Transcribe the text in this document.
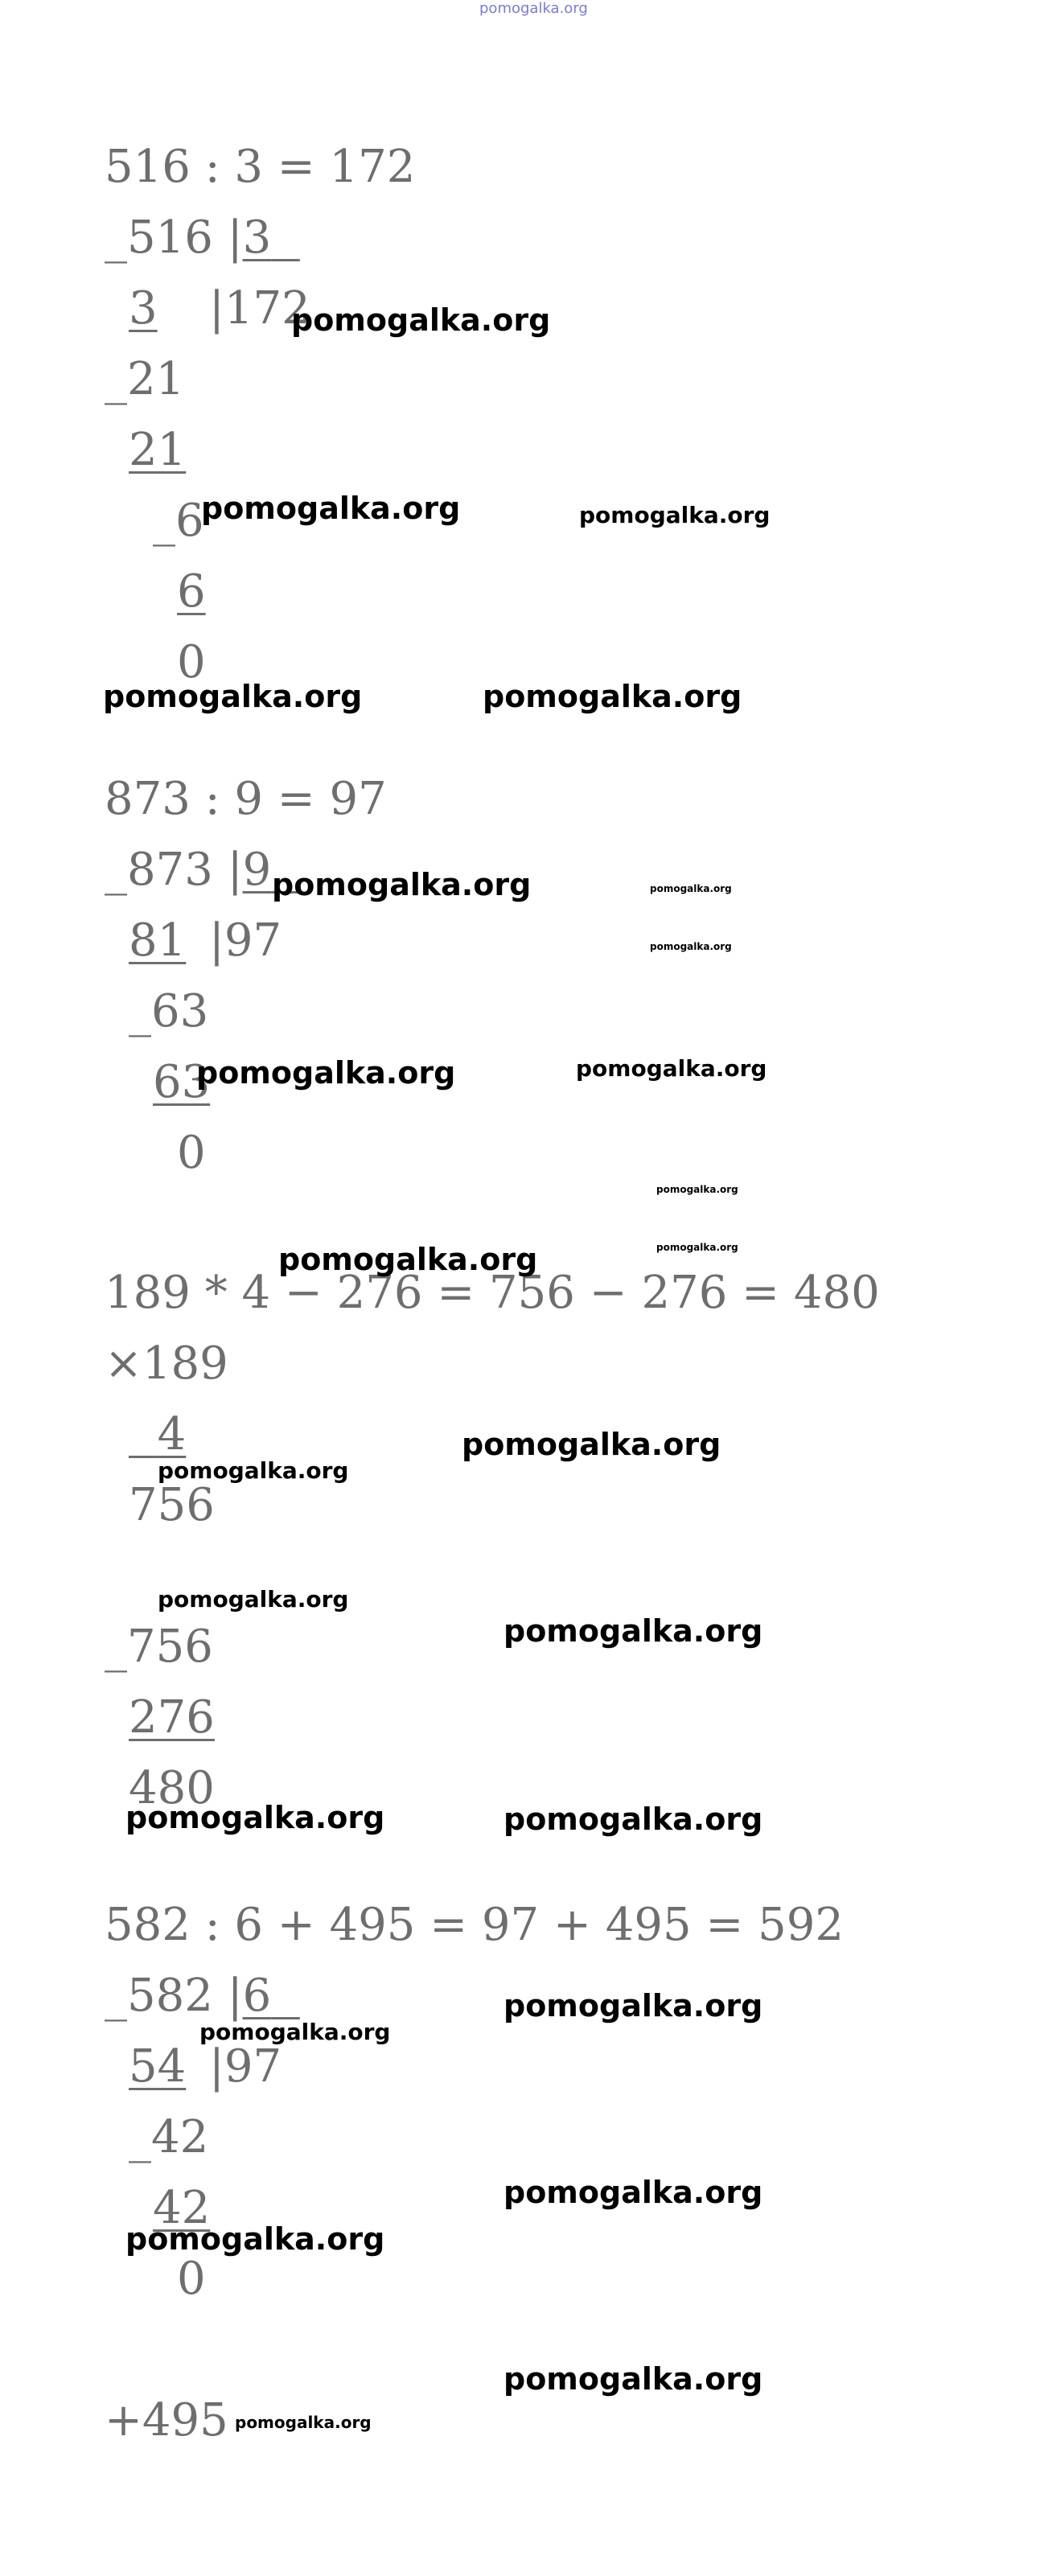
pomogalka.org
516 : 3 = 172
_516 |3
3 |172
_21
21
_6
6
0
873 : 9 = 97
_873 |9
81 |97
_63
63
0
189 * 4 − 276 = 756 − 276 = 480
×189
4
756
_756
276
480
582 : 6 + 495 = 97 + 495 = 592
_582 |6
54 |97
_42
42
0
+495
pomogalka.org
pomogalka.org	pomogalka.org
pomogalka.org	pomogalka.org
pomogalka.org	pomogalka.org
pomogalka.org
pomogalka.org	pomogalka.org
pomogalka.org
pomogalka.org	pomogalka.org
pomogalka.org
pomogalka.org
pomogalka.org
pomogalka.org
pomogalka.org	pomogalka.org
pomogalka.org
pomogalka.org
pomogalka.org
pomogalka.org
pomogalka.org
pomogalka.org
